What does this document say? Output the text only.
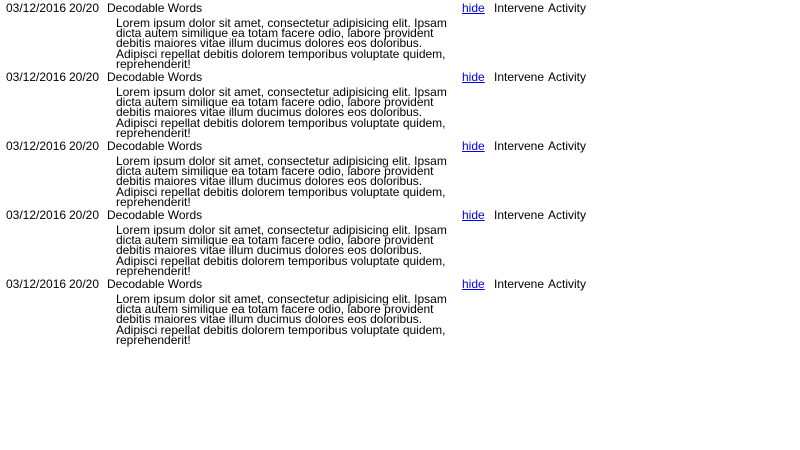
03/12/2016 20/20 Decodable Words	hide Intervene Activity
Lorem ipsum dolor sit amet, consectetur adipisicing elit. Ipsam dicta autem similique ea totam facere odio, labore provident debitis maiores vitae illum ducimus dolores eos doloribus. Adipisci repellat debitis dolorem temporibus voluptate quidem, reprehenderit!
03/12/2016 20/20 Decodable Words	hide Intervene Activity
Lorem ipsum dolor sit amet, consectetur adipisicing elit. Ipsam dicta autem similique ea totam facere odio, labore provident debitis maiores vitae illum ducimus dolores eos doloribus. Adipisci repellat debitis dolorem temporibus voluptate quidem, reprehenderit!
03/12/2016 20/20 Decodable Words	hide Intervene Activity
Lorem ipsum dolor sit amet, consectetur adipisicing elit. Ipsam dicta autem similique ea totam facere odio, labore provident debitis maiores vitae illum ducimus dolores eos doloribus. Adipisci repellat debitis dolorem temporibus voluptate quidem, reprehenderit!
03/12/2016 20/20 Decodable Words	hide Intervene Activity
Lorem ipsum dolor sit amet, consectetur adipisicing elit. Ipsam dicta autem similique ea totam facere odio, labore provident debitis maiores vitae illum ducimus dolores eos doloribus. Adipisci repellat debitis dolorem temporibus voluptate quidem, reprehenderit!
03/12/2016 20/20 Decodable Words	hide Intervene Activity
Lorem ipsum dolor sit amet, consectetur adipisicing elit. Ipsam dicta autem similique ea totam facere odio, labore provident debitis maiores vitae illum ducimus dolores eos doloribus. Adipisci repellat debitis dolorem temporibus voluptate quidem, reprehenderit!
